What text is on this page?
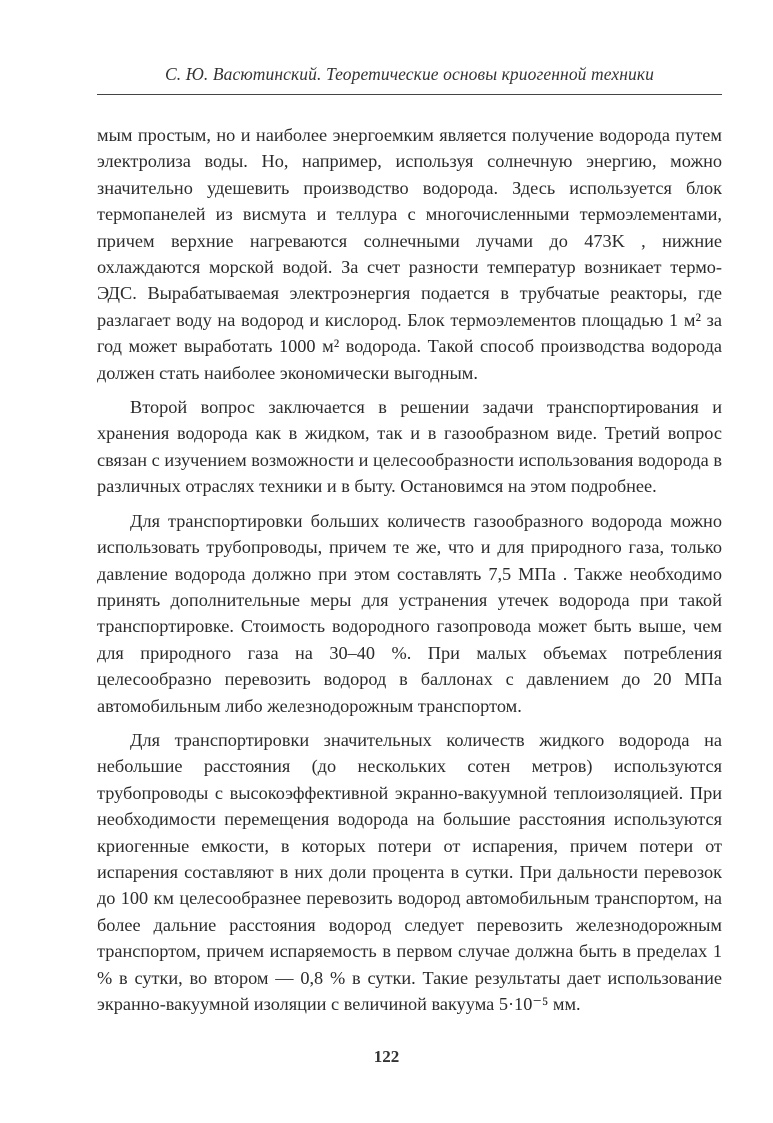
С. Ю. Васютинский. Теоретические основы криогенной техники

мым простым, но и наиболее энергоемким является получение водорода путем электролиза воды. Но, например, используя солнечную энергию, можно значительно удешевить производство водорода. Здесь используется блок термопанелей из висмута и теллура с многочисленными термоэлементами, причем верхние нагреваются солнечными лучами до 473K , нижние охлаждаются морской водой. За счет разности температур возникает термо-ЭДС. Вырабатываемая электроэнергия подается в трубчатые реакторы, где разлагает воду на водород и кислород. Блок термоэлементов площадью 1 м² за год может выработать 1000 м² водорода. Такой способ производства водорода должен стать наиболее экономически выгодным.

Второй вопрос заключается в решении задачи транспортирования и хранения водорода как в жидком, так и в газообразном виде. Третий вопрос связан с изучением возможности и целесообразности использования водорода в различных отраслях техники и в быту. Остановимся на этом подробнее.

Для транспортировки больших количеств газообразного водорода можно использовать трубопроводы, причем те же, что и для природного газа, только давление водорода должно при этом составлять 7,5 МПа . Также необходимо принять дополнительные меры для устранения утечек водорода при такой транспортировке. Стоимость водородного газопровода может быть выше, чем для природного газа на 30–40 %. При малых объемах потребления целесообразно перевозить водород в баллонах с давлением до 20 МПа автомобильным либо железнодорожным транспортом.

Для транспортировки значительных количеств жидкого водорода на небольшие расстояния (до нескольких сотен метров) используются трубопроводы с высокоэффективной экранно-вакуумной теплоизоляцией. При необходимости перемещения водорода на большие расстояния используются криогенные емкости, в которых потери от испарения, причем потери от испарения составляют в них доли процента в сутки. При дальности перевозок до 100 км целесообразнее перевозить водород автомобильным транспортом, на более дальние расстояния водород следует перевозить железнодорожным транспортом, причем испаряемость в первом случае должна быть в пределах 1 % в сутки, во втором — 0,8 % в сутки. Такие результаты дает использование экранно-вакуумной изоляции с величиной вакуума 5·10⁻⁵ мм.

122
